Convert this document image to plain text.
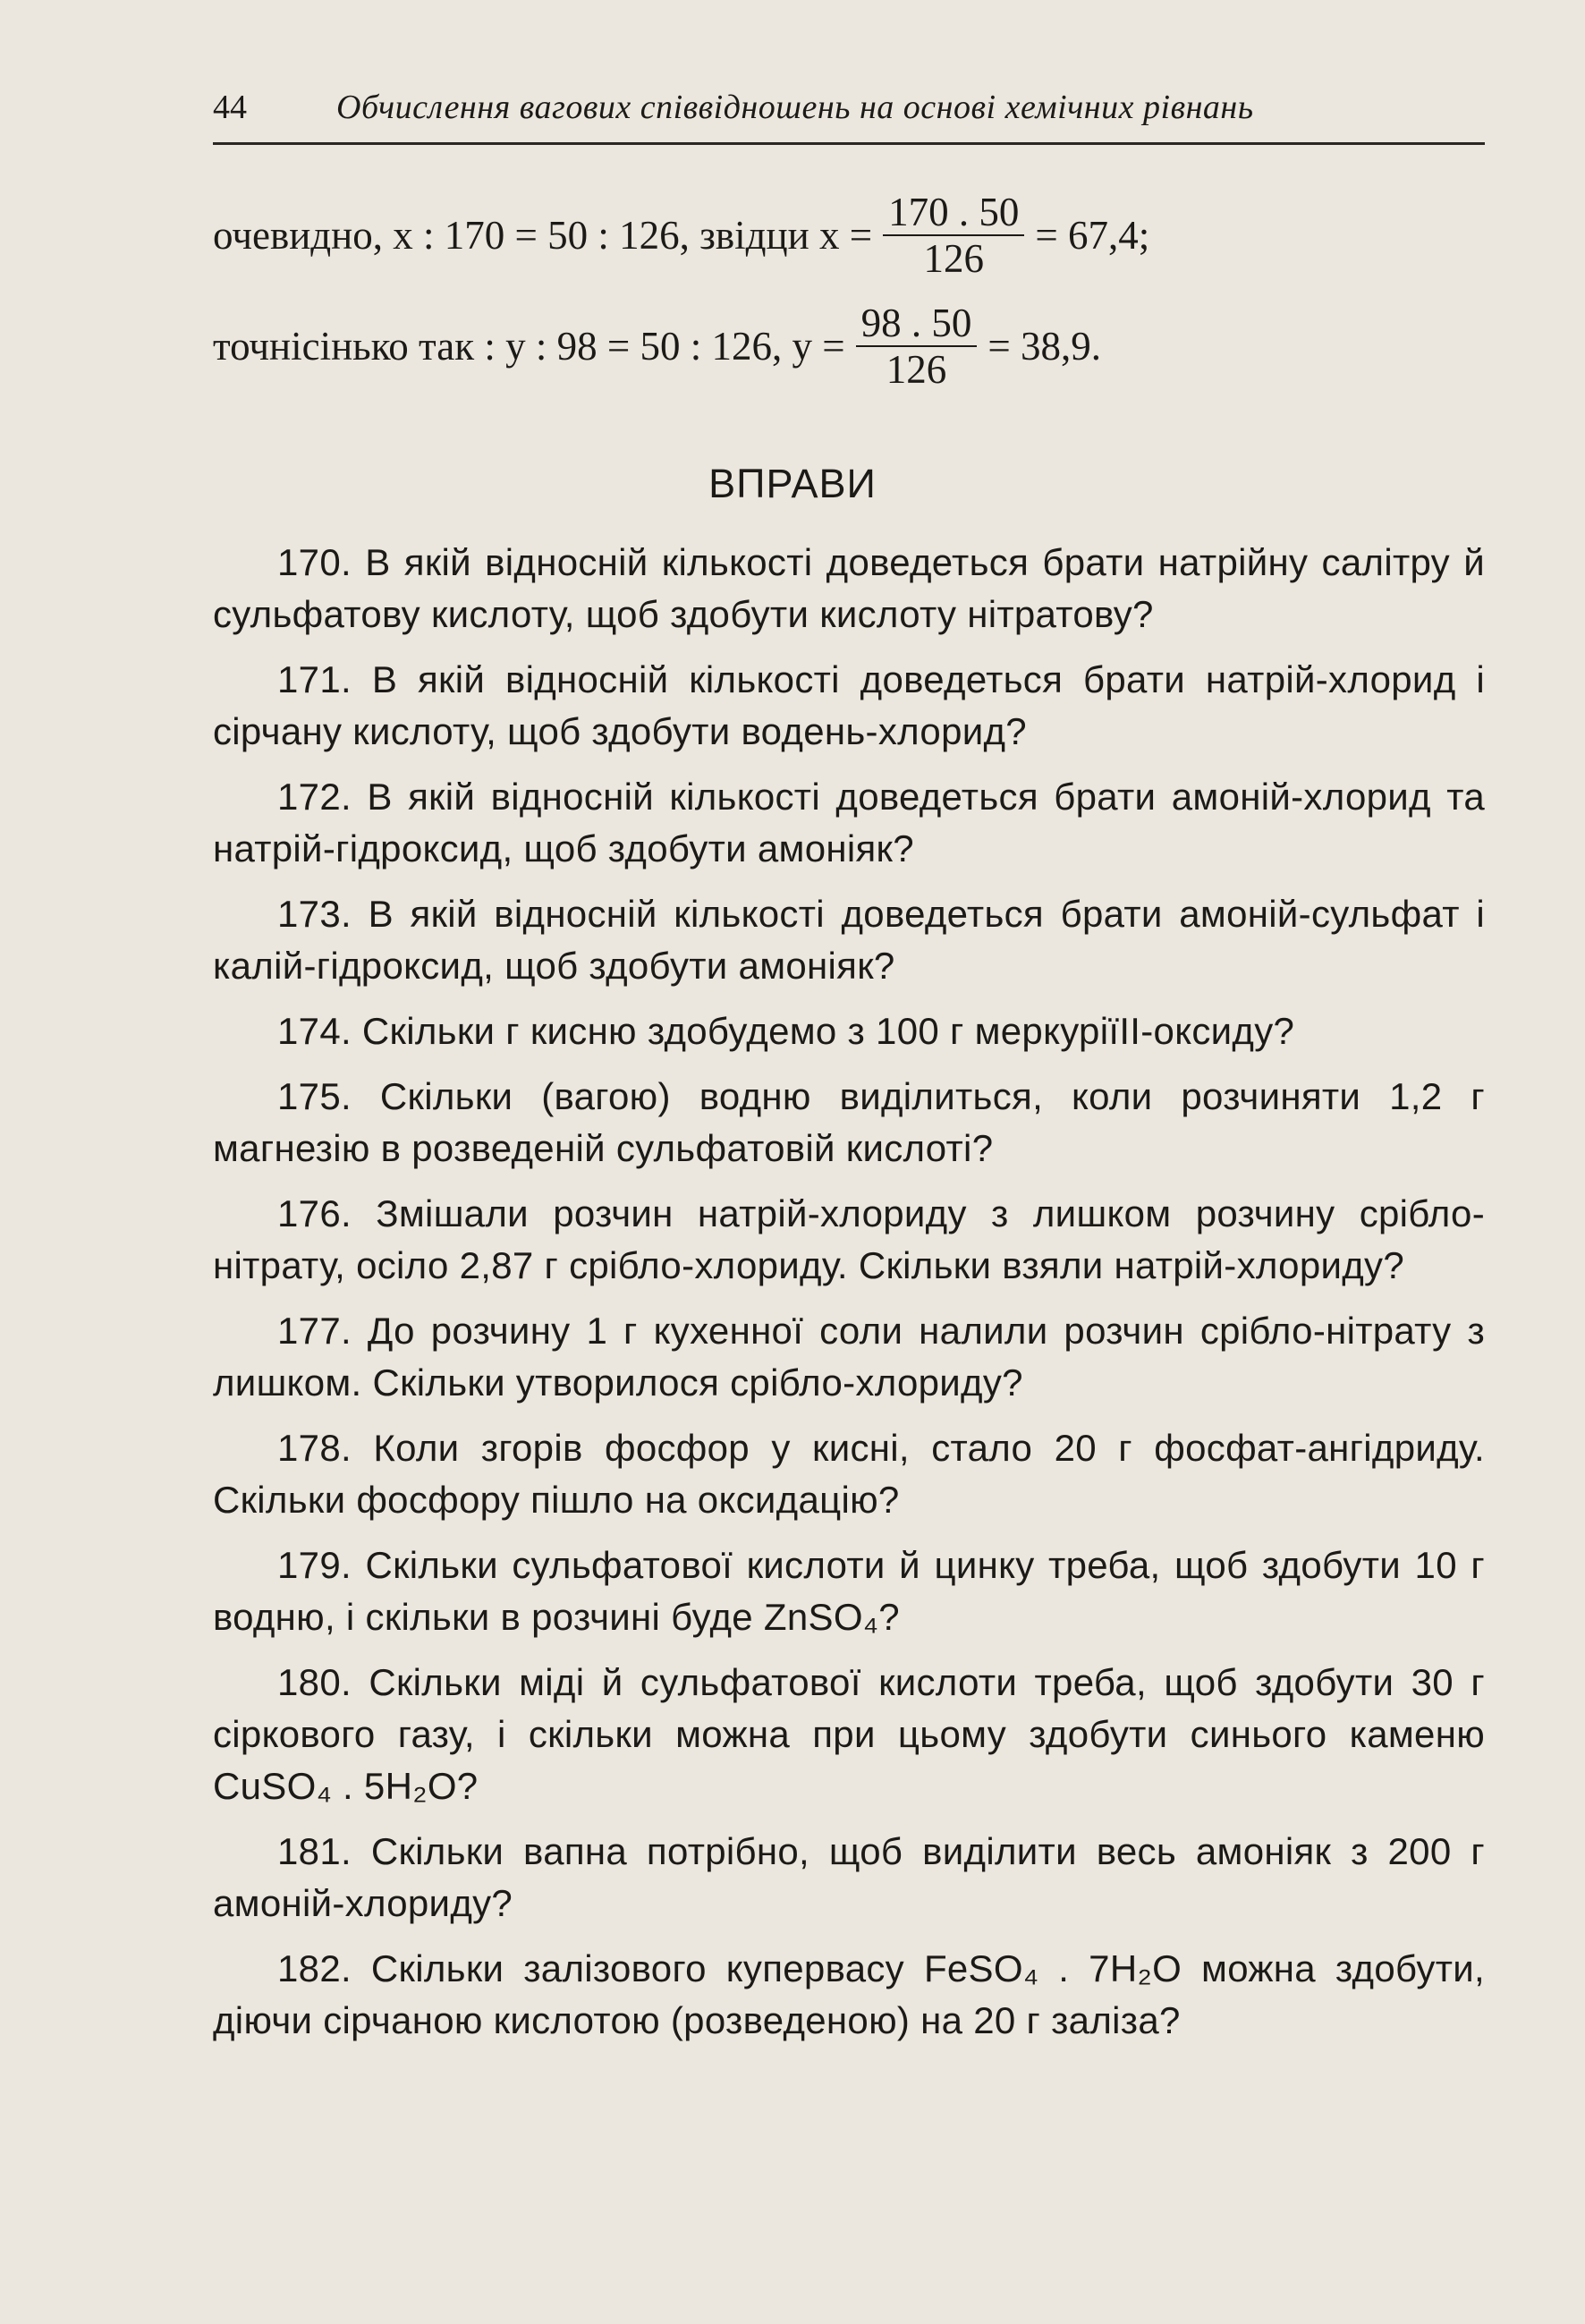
44	Обчислення вагових співвідношень на основі хемічних рівнань
очевидно, х : 170 = 50 : 126, звідци $х = \frac{170 . 50}{126} = 67,4$;
точнісінько так : у : 98 = 50 : 126, $у = \frac{98 . 50}{126} = 38,9$.
ВПРАВИ

170. В якій відносній кількості доведеться брати натрійну салітру й сульфатову кислоту, щоб здобути кислоту нітратову?

171. В якій відносній кількості доведеться брати натрій-хлорид і сірчану кислоту, щоб здобути водень-хлорид?

172. В якій відносній кількості доведеться брати амоній-хлорид та натрій-гідроксид, щоб здобути амоніяк?

173. В якій відносній кількості доведеться брати амоній-сульфат і калій-гідроксид, щоб здобути амоніяк?

174. Скільки г кисню здобудемо з 100 г меркуріїІІ-оксиду?

175. Скільки (вагою) водню виділиться, коли розчиняти 1,2 г магнезію в розведеній сульфатовій кислоті?

176. Змішали розчин натрій-хлориду з лишком розчину срібло-нітрату, осіло 2,87 г срібло-хлориду. Скільки взяли натрій-хлориду?

177. До розчину 1 г кухенної соли налили розчин срібло-нітрату з лишком. Скільки утворилося срібло-хлориду?

178. Коли згорів фосфор у кисні, стало 20 г фосфат-ангідриду. Скільки фосфору пішло на оксидацію?

179. Скільки сульфатової кислоти й цинку треба, щоб здобути 10 г водню, і скільки в розчині буде ZnSO₄?

180. Скільки міді й сульфатової кислоти треба, щоб здобути 30 г сіркового газу, і скільки можна при цьому здобути синього каменю CuSO₄ . 5H₂O?

181. Скільки вапна потрібно, щоб виділити весь амоніяк з 200 г амоній-хлориду?

182. Скільки залізового купервасу FeSO₄ . 7H₂O можна здобути, діючи сірчаною кислотою (розведеною) на 20 г заліза?
